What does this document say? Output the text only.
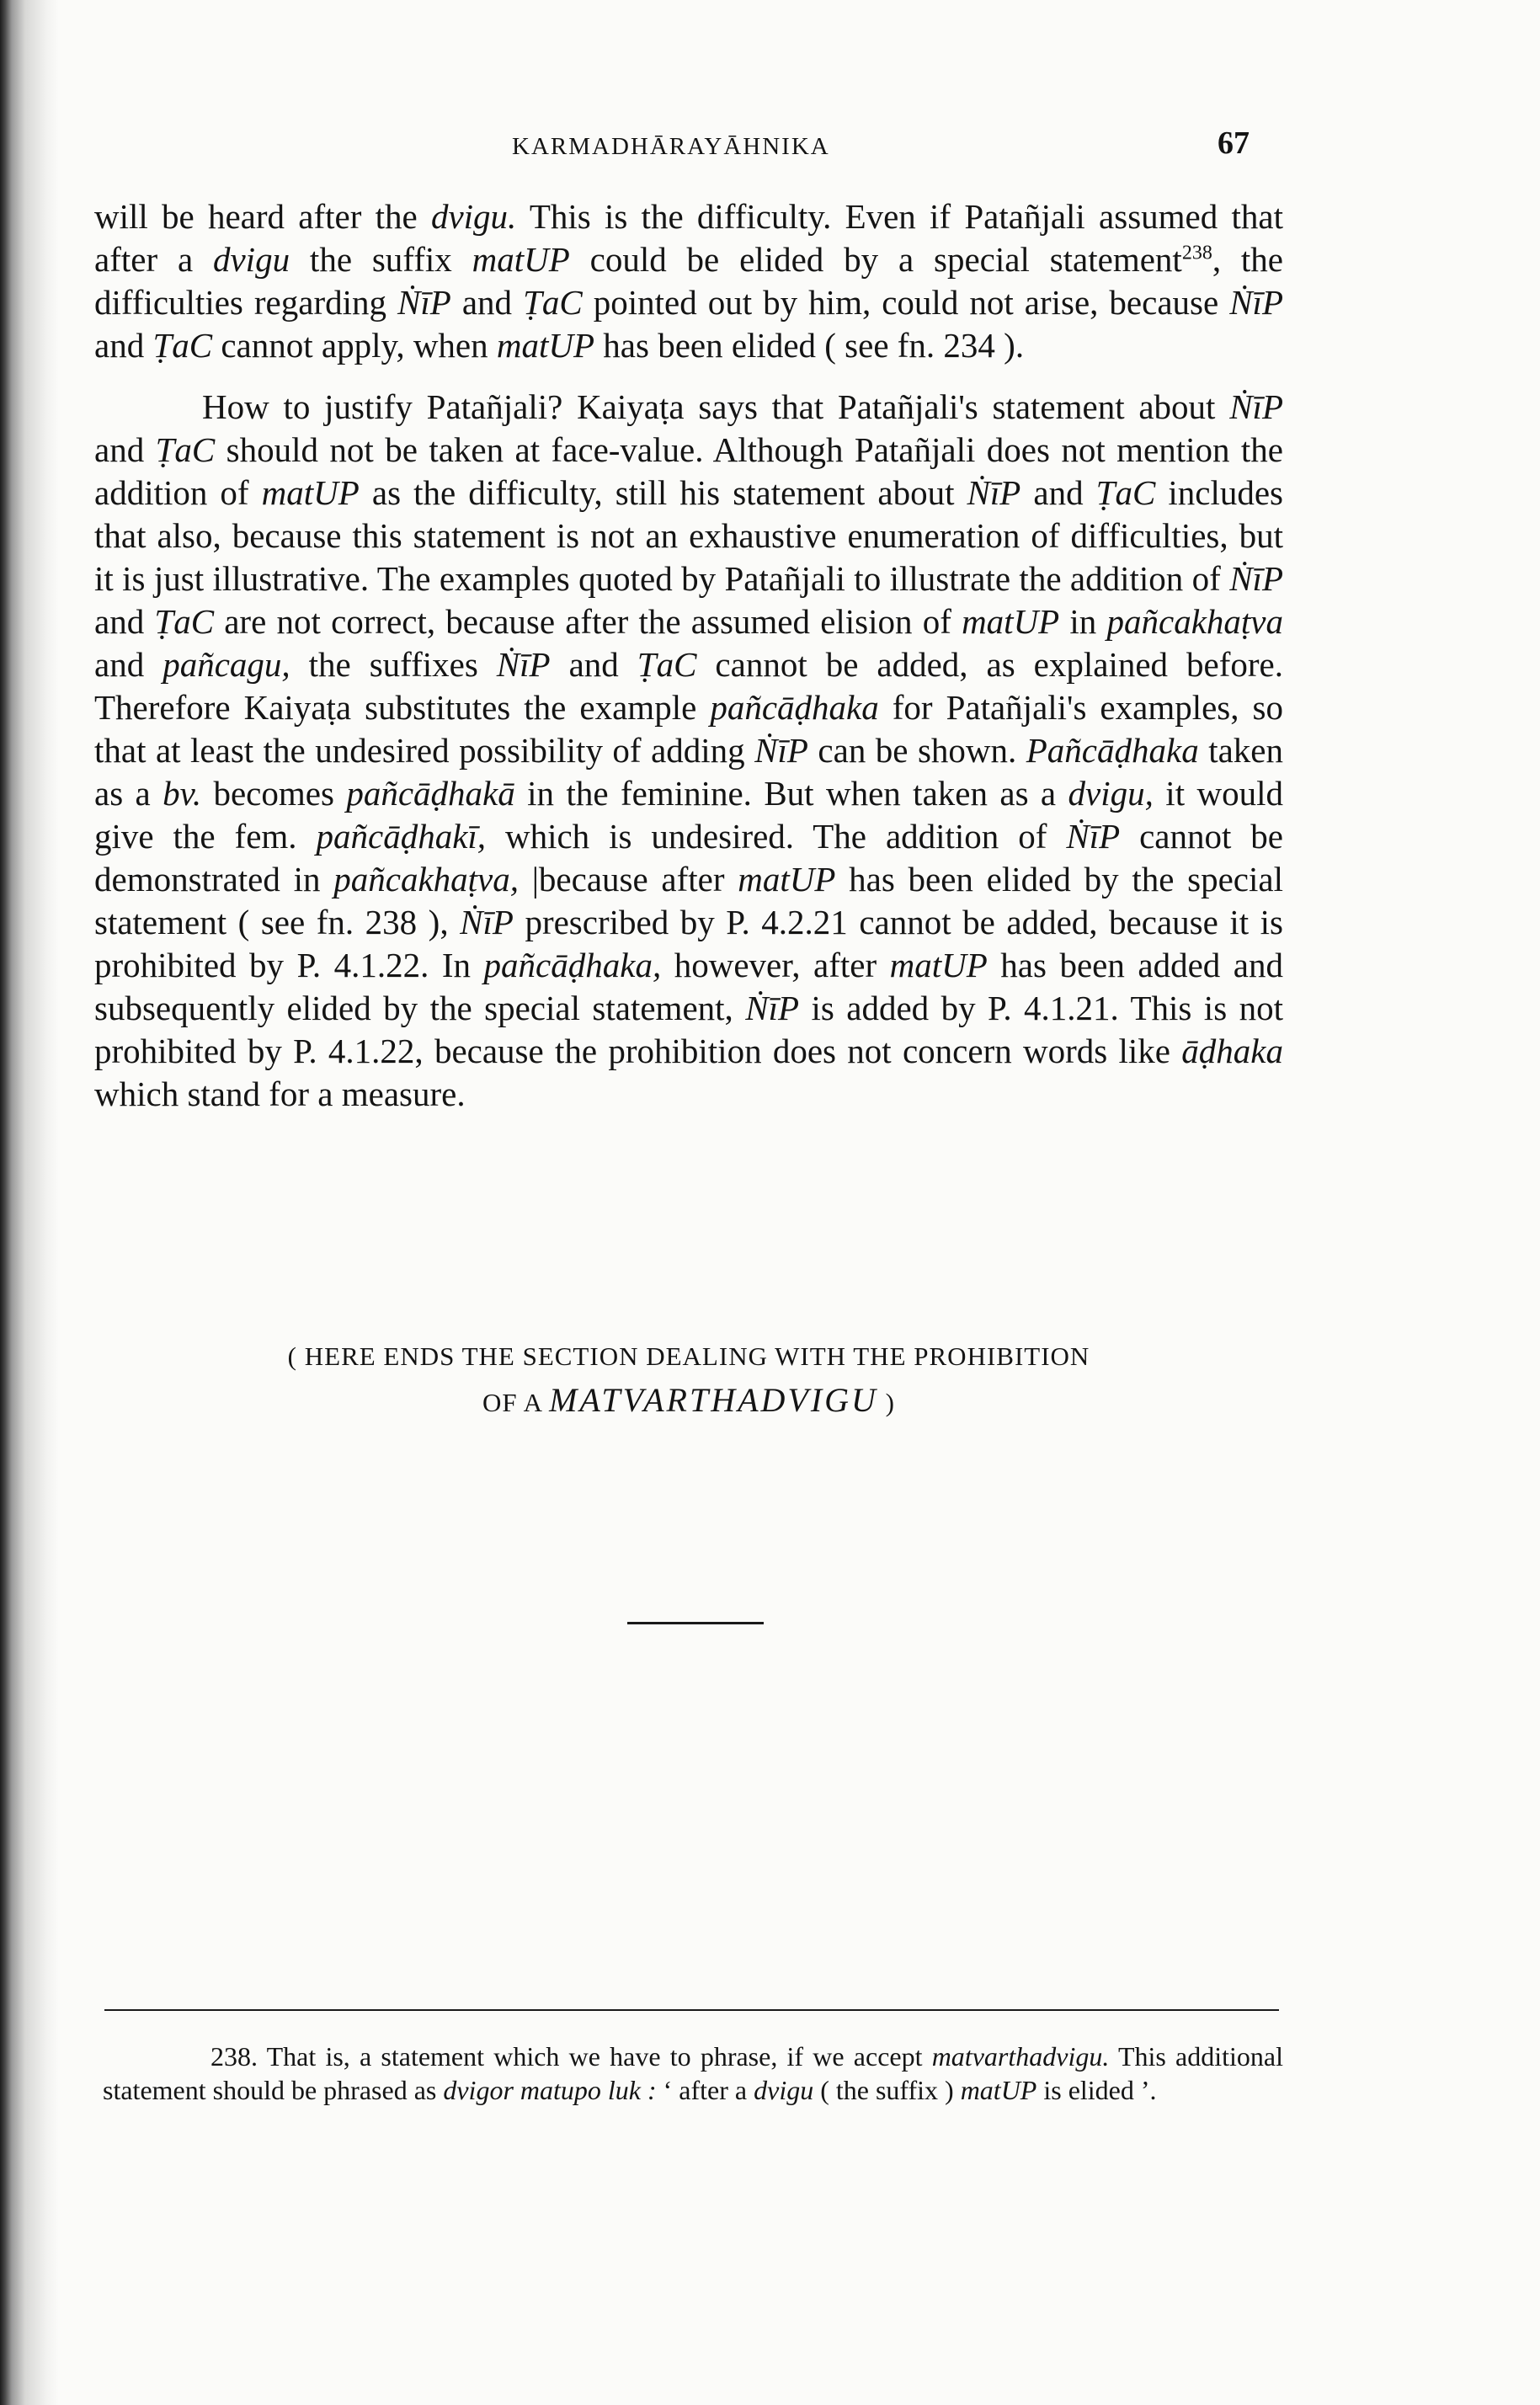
KARMADHĀRAYĀHNIKA	67

will be heard after the dvigu. This is the difficulty. Even if Patañjali assumed that after a dvigu the suffix matUP could be elided by a special statement$^{238}$, the difficulties regarding ṄīP and ṬaC pointed out by him, could not arise, because ṄīP and ṬaC cannot apply, when matUP has been elided ( see fn. 234 ).

How to justify Patañjali? Kaiyaṭa says that Patañjali's statement about ṄīP and ṬaC should not be taken at face-value. Although Patañjali does not mention the addition of matUP as the difficulty, still his statement about ṄīP and ṬaC includes that also, because this statement is not an exhaustive enumeration of difficulties, but it is just illustrative. The examples quoted by Patañjali to illustrate the addition of ṄīP and ṬaC are not correct, because after the assumed elision of matUP in pañcakhaṭva and pañcagu, the suffixes ṄīP and ṬaC cannot be added, as explained before. Therefore Kaiyaṭa substitutes the example pañcāḍhaka for Patañjali's examples, so that at least the undesired possibility of adding ṄīP can be shown. Pañcāḍhaka taken as a bv. becomes pañcāḍhakā in the feminine. But when taken as a dvigu, it would give the fem. pañcāḍhakī, which is undesired. The addition of ṄīP cannot be demonstrated in pañcakhaṭva, |because after matUP has been elided by the special statement ( see fn. 238 ), ṄīP prescribed by P. 4.2.21 cannot be added, because it is prohibited by P. 4.1.22. In pañcāḍhaka, however, after matUP has been added and subsequently elided by the special statement, ṄīP is added by P. 4.1.21. This is not prohibited by P. 4.1.22, because the prohibition does not concern words like āḍhaka which stand for a measure.

( HERE ENDS THE SECTION DEALING WITH THE PROHIBITION
OF A MATVARTHADVIGU )

238. That is, a statement which we have to phrase, if we accept matvarthadvigu. This additional statement should be phrased as dvigor matupo luk : ‘ after a dvigu ( the suffix ) matUP is elided ’.
